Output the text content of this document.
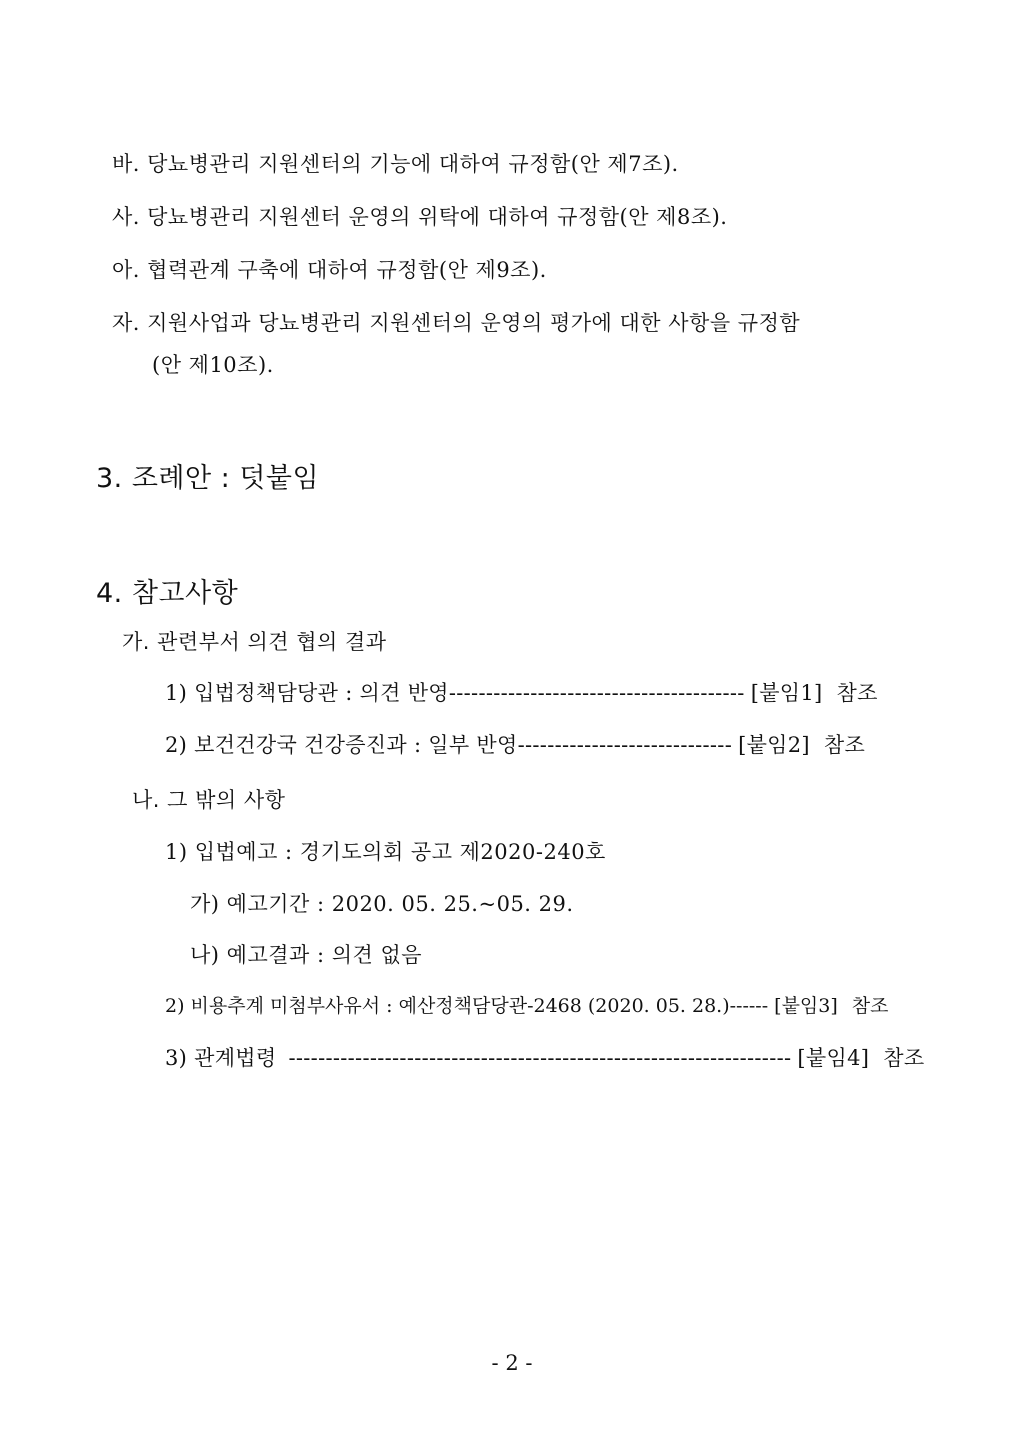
바. 당뇨병관리 지원센터의 기능에 대하여 규정함(안 제7조).
사. 당뇨병관리 지원센터 운영의 위탁에 대하여 규정함(안 제8조).
아. 협력관계 구축에 대하여 규정함(안 제9조).
자. 지원사업과 당뇨병관리 지원센터의 운영의 평가에 대한 사항을 규정함
(안 제10조).
3. 조례안 : 덧붙임
4. 참고사항
가. 관련부서 의견 협의 결과
1) 입법정책담당관 : 의견 반영 ---------------------------------------- [붙임1] 참조
2) 보건건강국 건강증진과 : 일부 반영 ----------------------------- [붙임2] 참조
나. 그 밖의 사항
1) 입법예고 : 경기도의회 공고 제2020-240호
가) 예고기간 : 2020. 05. 25.~05. 29.
나) 예고결과 : 의견 없음
2) 비용추계 미첨부사유서 : 예산정책담당관-2468 (2020. 05. 28.) ------ [붙임3] 참조
3) 관계법령 -------------------------------------------------------------------- [붙임4] 참조
- 2 -
